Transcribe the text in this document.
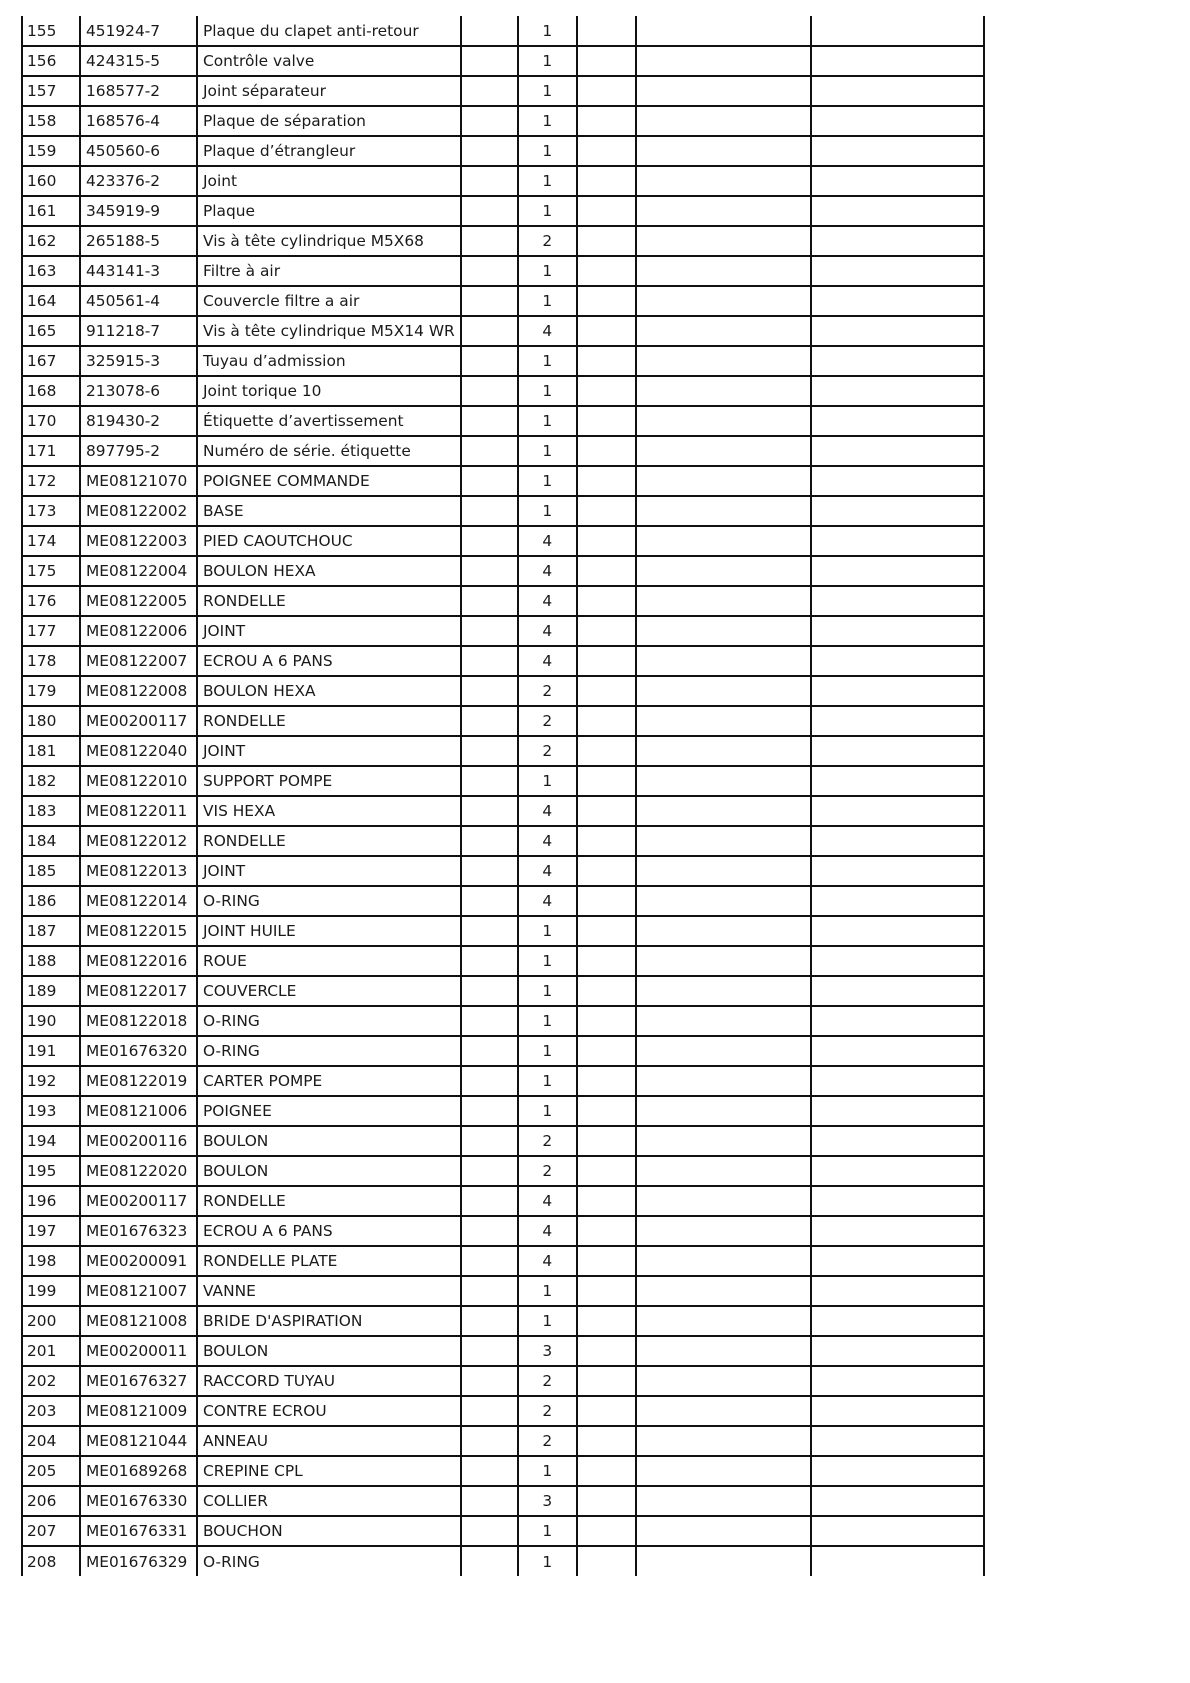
155	451924-7	Plaque du clapet anti-retour		1			
156	424315-5	Contrôle valve		1			
157	168577-2	Joint séparateur		1			
158	168576-4	Plaque de séparation		1			
159	450560-6	Plaque d’étrangleur		1			
160	423376-2	Joint		1			
161	345919-9	Plaque		1			
162	265188-5	Vis à tête cylindrique M5X68		2			
163	443141-3	Filtre à air		1			
164	450561-4	Couvercle filtre a air		1			
165	911218-7	Vis à tête cylindrique M5X14 WR		4			
167	325915-3	Tuyau d’admission		1			
168	213078-6	Joint torique 10		1			
170	819430-2	Étiquette d’avertissement		1			
171	897795-2	Numéro de série. étiquette		1			
172	ME08121070	POIGNEE COMMANDE		1			
173	ME08122002	BASE		1			
174	ME08122003	PIED CAOUTCHOUC		4			
175	ME08122004	BOULON HEXA		4			
176	ME08122005	RONDELLE		4			
177	ME08122006	JOINT		4			
178	ME08122007	ECROU A 6 PANS		4			
179	ME08122008	BOULON HEXA		2			
180	ME00200117	RONDELLE		2			
181	ME08122040	JOINT		2			
182	ME08122010	SUPPORT POMPE		1			
183	ME08122011	VIS HEXA		4			
184	ME08122012	RONDELLE		4			
185	ME08122013	JOINT		4			
186	ME08122014	O-RING		4			
187	ME08122015	JOINT HUILE		1			
188	ME08122016	ROUE		1			
189	ME08122017	COUVERCLE		1			
190	ME08122018	O-RING		1			
191	ME01676320	O-RING		1			
192	ME08122019	CARTER POMPE		1			
193	ME08121006	POIGNEE		1			
194	ME00200116	BOULON		2			
195	ME08122020	BOULON		2			
196	ME00200117	RONDELLE		4			
197	ME01676323	ECROU A 6 PANS		4			
198	ME00200091	RONDELLE PLATE		4			
199	ME08121007	VANNE		1			
200	ME08121008	BRIDE D'ASPIRATION		1			
201	ME00200011	BOULON		3			
202	ME01676327	RACCORD TUYAU		2			
203	ME08121009	CONTRE ECROU		2			
204	ME08121044	ANNEAU		2			
205	ME01689268	CREPINE CPL		1			
206	ME01676330	COLLIER		3			
207	ME01676331	BOUCHON		1			
208	ME01676329	O-RING		1			
